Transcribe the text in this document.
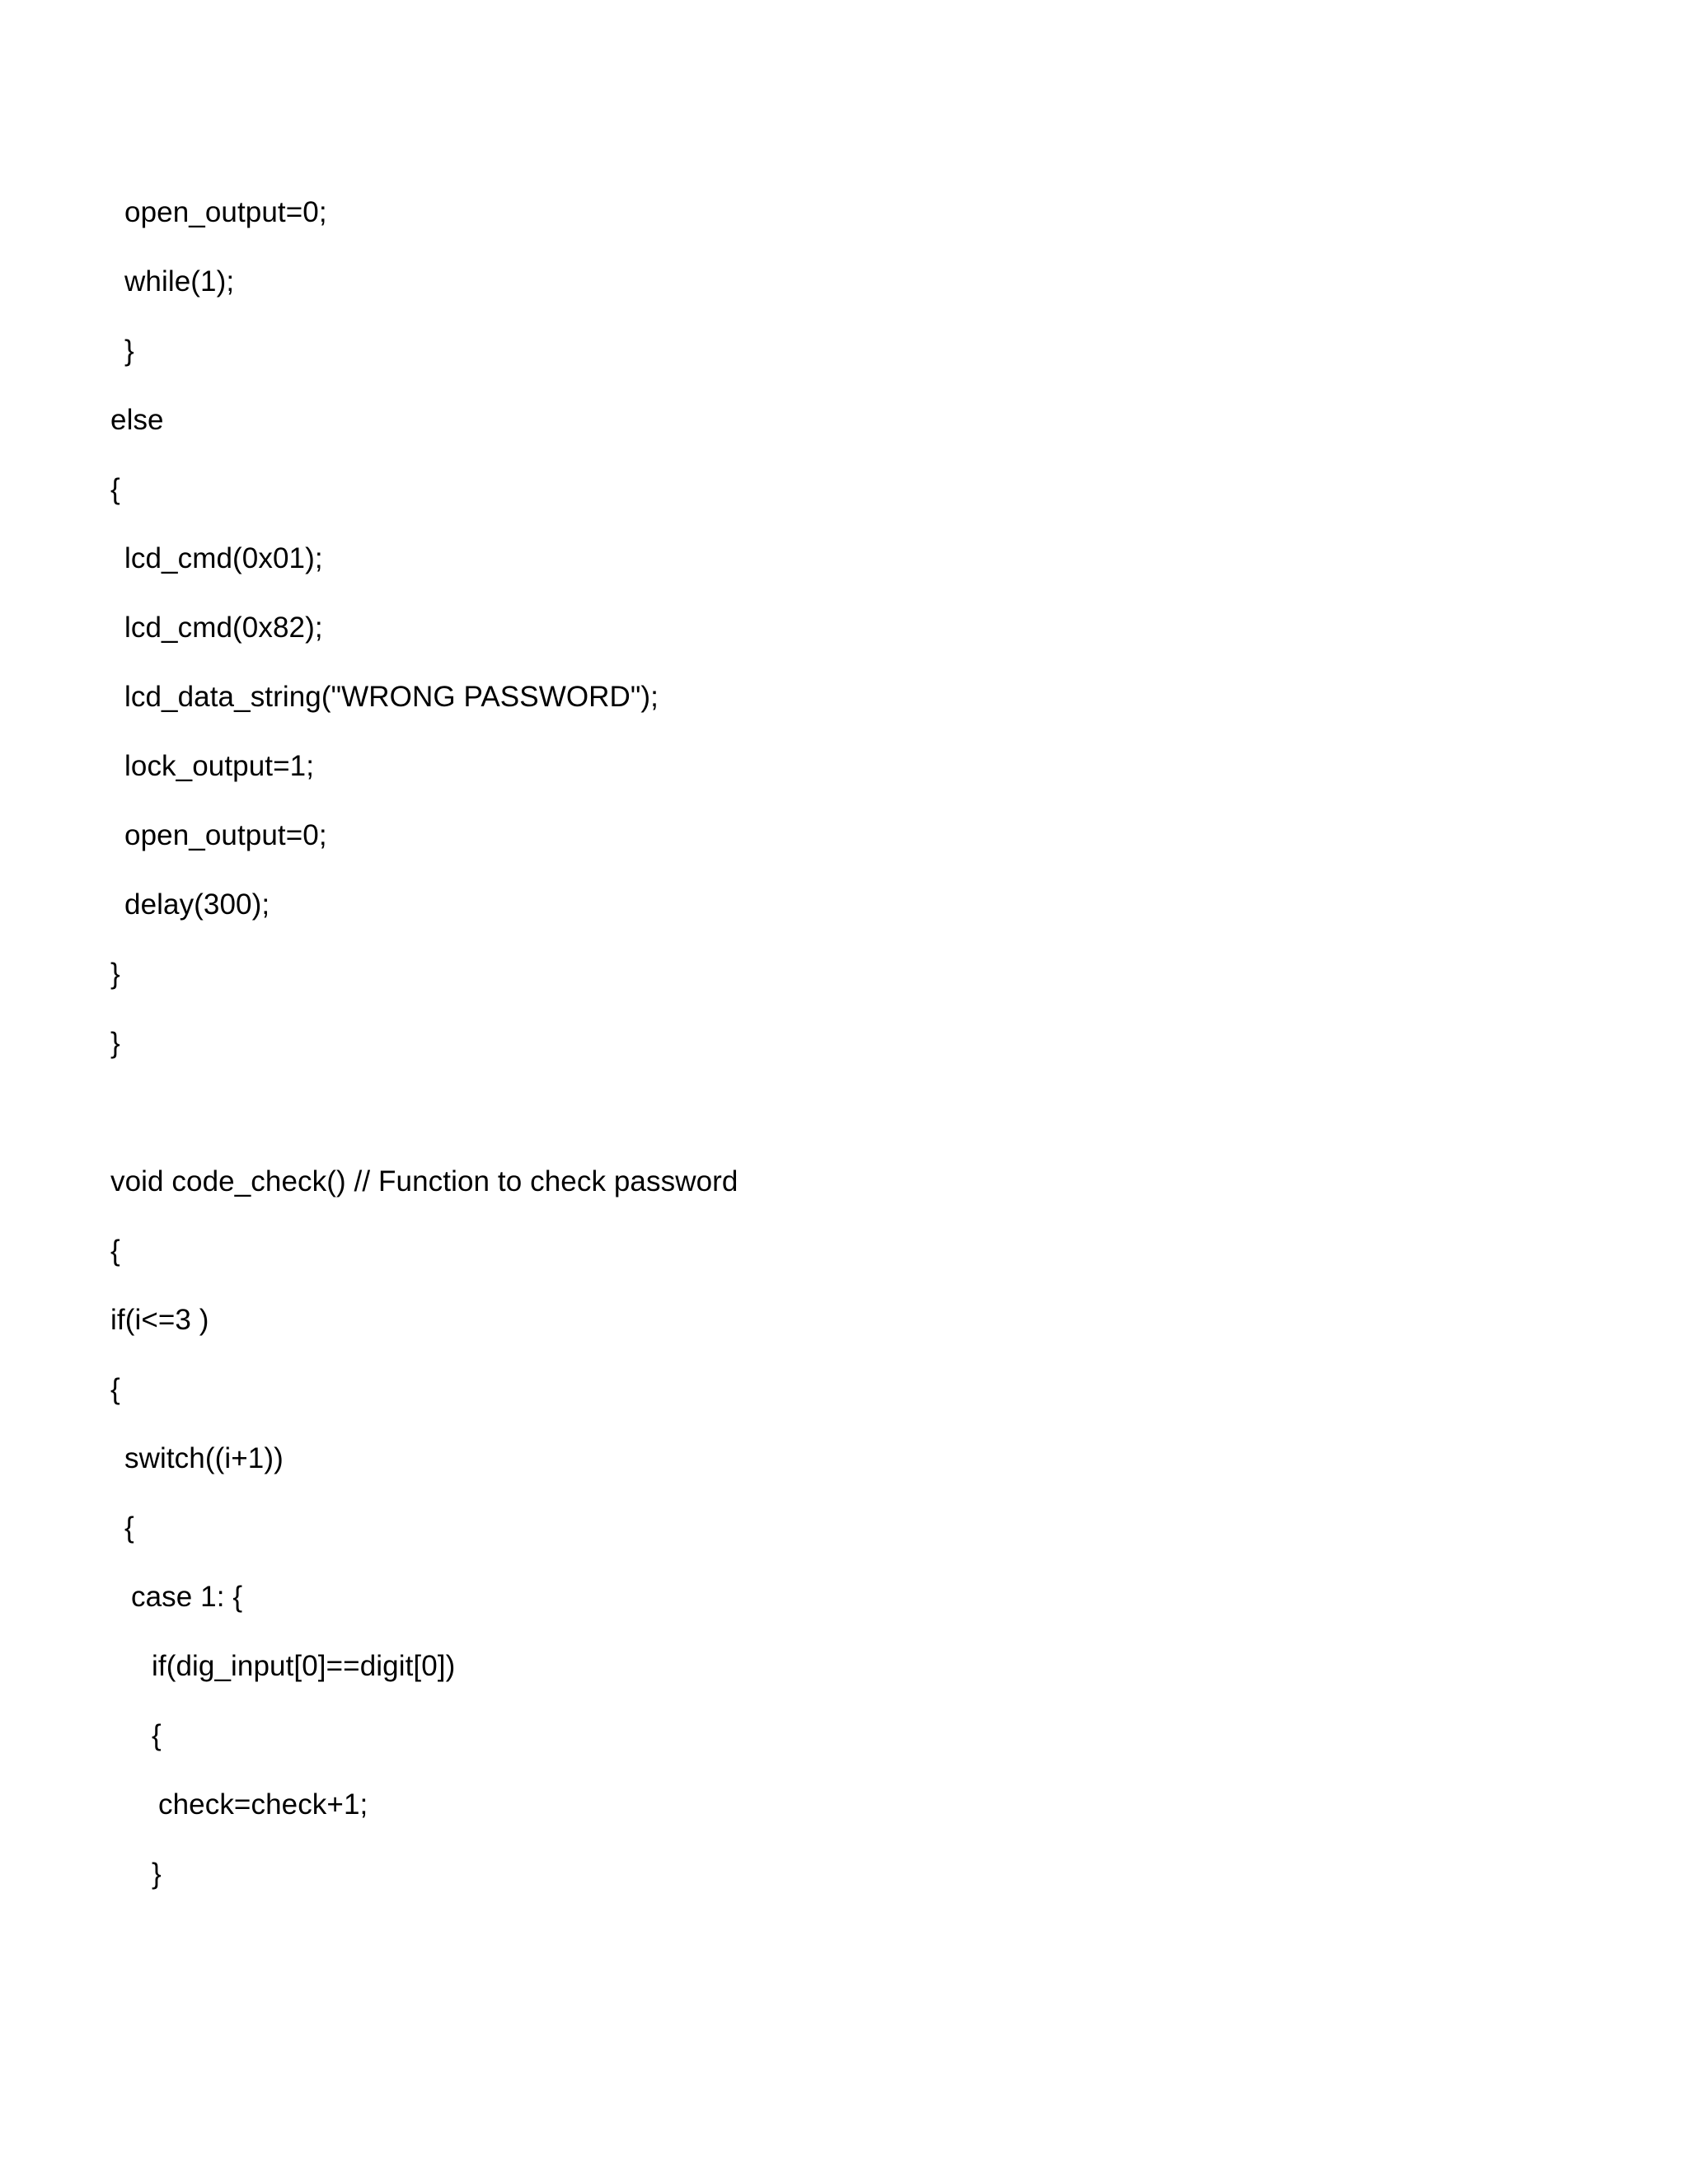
open_output=0;
while(1);
}
else
{
lcd_cmd(0x01);
lcd_cmd(0x82);
lcd_data_string("WRONG PASSWORD");
lock_output=1;
open_output=0;
delay(300);
}
}
void code_check() // Function to check password
{
if(i<=3 )
{
switch((i+1))
{
case 1: {
if(dig_input[0]==digit[0])
{
check=check+1;
}
